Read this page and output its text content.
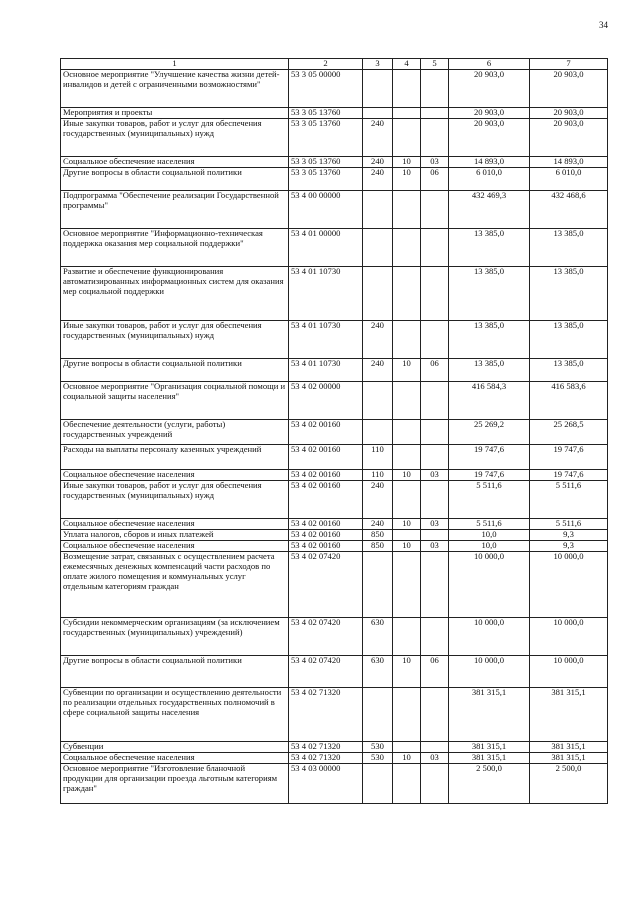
34
1	2	3	4	5	6	7
Основное мероприятие "Улучшение качества жизни детей-инвалидов и детей с ограниченными возможностями"	53 3 05 00000				20 903,0	20 903,0
Мероприятия и проекты	53 3 05 13760				20 903,0	20 903,0
Иные закупки товаров, работ и услуг для обеспечения государственных (муниципальных) нужд	53 3 05 13760	240			20 903,0	20 903,0
Социальное обеспечение населения	53 3 05 13760	240	10	03	14 893,0	14 893,0
Другие вопросы в области социальной политики	53 3 05 13760	240	10	06	6 010,0	6 010,0
Подпрограмма "Обеспечение реализации Государственной программы"	53 4 00 00000				432 469,3	432 468,6
Основное мероприятие "Информационно-техническая поддержка оказания мер социальной поддержки"	53 4 01 00000				13 385,0	13 385,0
Развитие и обеспечение функционирования автоматизированных информационных систем для оказания мер социальной поддержки	53 4 01 10730				13 385,0	13 385,0
Иные закупки товаров, работ и услуг для обеспечения государственных (муниципальных) нужд	53 4 01 10730	240			13 385,0	13 385,0
Другие вопросы в области социальной политики	53 4 01 10730	240	10	06	13 385,0	13 385,0
Основное мероприятие "Организация социальной помощи и социальной защиты населения"	53 4 02 00000				416 584,3	416 583,6
Обеспечение деятельности (услуги, работы) государственных учреждений	53 4 02 00160				25 269,2	25 268,5
Расходы на выплаты персоналу казенных учреждений	53 4 02 00160	110			19 747,6	19 747,6
Социальное обеспечение населения	53 4 02 00160	110	10	03	19 747,6	19 747,6
Иные закупки товаров, работ и услуг для обеспечения государственных (муниципальных) нужд	53 4 02 00160	240			5 511,6	5 511,6
Социальное обеспечение населения	53 4 02 00160	240	10	03	5 511,6	5 511,6
Уплата налогов, сборов и иных платежей	53 4 02 00160	850			10,0	9,3
Социальное обеспечение населения	53 4 02 00160	850	10	03	10,0	9,3
Возмещение затрат, связанных с осуществлением расчета ежемесячных денежных компенсаций части расходов по оплате жилого помещения и коммунальных услуг отдельным категориям граждан	53 4 02 07420				10 000,0	10 000,0
Субсидии некоммерческим организациям (за исключением государственных (муниципальных) учреждений)	53 4 02 07420	630			10 000,0	10 000,0
Другие вопросы в области социальной политики	53 4 02 07420	630	10	06	10 000,0	10 000,0
Субвенции по организации и осуществлению деятельности по реализации отдельных государственных полномочий в сфере социальной защиты населения	53 4 02 71320				381 315,1	381 315,1
Субвенции	53 4 02 71320	530			381 315,1	381 315,1
Социальное обеспечение населения	53 4 02 71320	530	10	03	381 315,1	381 315,1
Основное мероприятие "Изготовление бланочной продукции для организации проезда льготным категориям граждан"	53 4 03 00000				2 500,0	2 500,0
